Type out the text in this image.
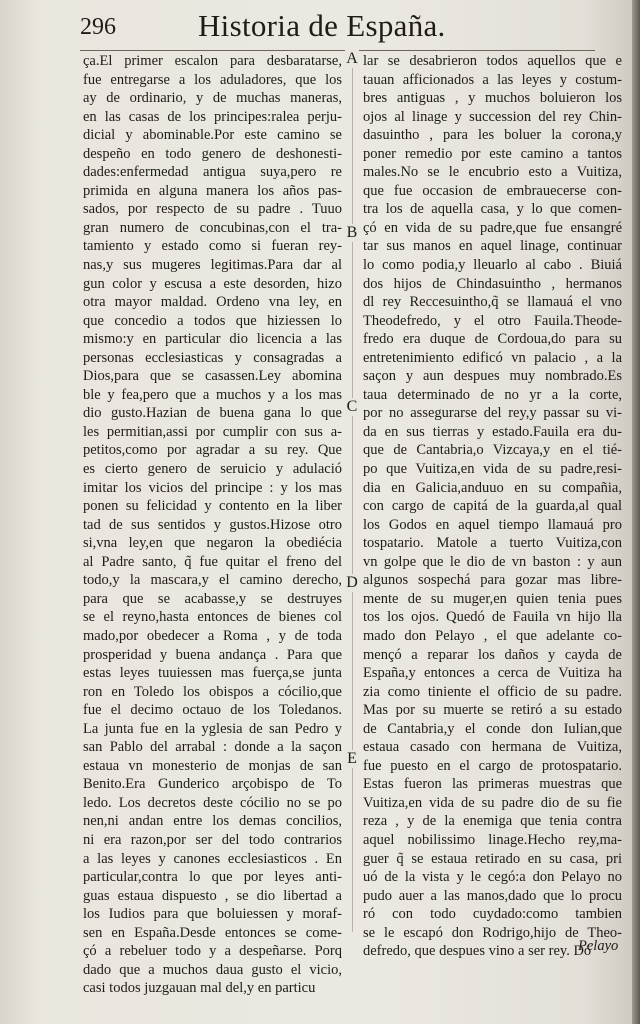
296	Historia de España.
ça.El primer escalon para desbaratarse,
fue entregarse a los aduladores, que los
ay de ordinario, y de muchas maneras,
en las casas de los principes:ralea perju-
dicial y abominable.Por este camino se
despeño en todo genero de deshonesti-
dades:enfermedad antigua suya,pero re
primida en alguna manera los años pas-
sados, por respecto de su padre . Tuuo
gran numero de concubinas,con el tra-
tamiento y estado como si fueran rey-
nas,y sus mugeres legitimas.Para dar al
gun color y escusa a este desorden, hizo
otra mayor maldad. Ordeno vna ley, en
que concedio a todos que hiziessen lo
mismo:y en particular dio licencia a las
personas ecclesiasticas y consagradas a
Dios,para que se casassen.Ley abomina
ble y fea,pero que a muchos y a los mas
dio gusto.Hazian de buena gana lo que
les permitian,assi por cumplir con sus a-
petitos,como por agradar a su rey. Que
es cierto genero de seruicio y adulació
imitar los vicios del principe : y los mas
ponen su felicidad y contento en la liber
tad de sus sentidos y gustos.Hizose otro
si,vna ley,en que negaron la obediécia
al Padre santo, q̃ fue quitar el freno del
todo,y la mascara,y el camino derecho,
para que se acabasse,y se destruyes
se el reyno,hasta entonces de bienes col
mado,por obedecer a Roma , y de toda
prosperidad y buena andança . Para que
estas leyes tuuiessen mas fuerça,se junta
ron en Toledo los obispos a cócilio,que
fue el decimo octauo de los Toledanos.
La junta fue en la yglesia de san Pedro y
san Pablo del arrabal : donde a la saçon
estaua vn monesterio de monjas de san
Benito.Era Gunderico arçobispo de To
ledo. Los decretos deste cócilio no se po
nen,ni andan entre los demas concilios,
ni era razon,por ser del todo contrarios
a las leyes y canones ecclesiasticos . En
particular,contra lo que por leyes anti-
guas estaua dispuesto , se dio libertad a
los Iudios para que boluiessen y moraf-
sen en España.Desde entonces se come-
çó a rebeluer todo y a despeñarse. Porq
dado que a muchos daua gusto el vicio,
casi todos juzgauan mal del,y en particu
A
B
C
D
E
lar se desabrieron todos aquellos que e
tauan afficionados a las leyes y costum-
bres antiguas , y muchos boluieron los
ojos al linage y succession del rey Chin-
dasuintho , para les boluer la corona,y
poner remedio por este camino a tantos
males.No se le encubrio esto a Vuitiza,
que fue occasion de embrauecerse con-
tra los de aquella casa, y lo que comen-
çó en vida de su padre,que fue ensangré
tar sus manos en aquel linage, continuar
lo como podia,y lleuarlo al cabo . Biuiá
dos hijos de Chindasuintho , hermanos
dl rey Reccesuintho,q̃ se llamauá el vno
Theodefredo, y el otro Fauila.Theode-
fredo era duque de Cordoua,do para su
entretenimiento edificó vn palacio , a la
saçon y aun despues muy nombrado.Es
taua determinado de no yr a la corte,
por no assegurarse del rey,y passar su vi-
da en sus tierras y estado.Fauila era du-
que de Cantabria,o Vizcaya,y en el tié-
po que Vuitiza,en vida de su padre,resi-
dia en Galicia,anduuo en su compañia,
con cargo de capitá de la guarda,al qual
los Godos en aquel tiempo llamauá pro
tospatario. Matole a tuerto Vuitiza,con
vn golpe que le dio de vn baston : y aun
algunos sospechá para gozar mas libre-
mente de su muger,en quien tenia pues
tos los ojos. Quedó de Fauila vn hijo lla
mado don Pelayo , el que adelante co-
mençó a reparar los daños y cayda de
España,y entonces a cerca de Vuitiza ha
zia como tiniente el officio de su padre.
Mas por su muerte se retiró a su estado
de Cantabria,y el conde don Iulian,que
estaua casado con hermana de Vuitiza,
fue puesto en el cargo de protospatario.
Estas fueron las primeras muestras que
Vuitiza,en vida de su padre dio de su fie
reza , y de la enemiga que tenia contra
aquel nobilissimo linage.Hecho rey,ma-
guer q̃ se estaua retirado en su casa, pri
uó de la vista y le cegó:a don Pelayo no
pudo auer a las manos,dado que lo procu
ró con todo cuydado:como tambien
se le escapó don Rodrigo,hijo de Theo-
defredo, que despues vino a ser rey. Dó
Pelayo
